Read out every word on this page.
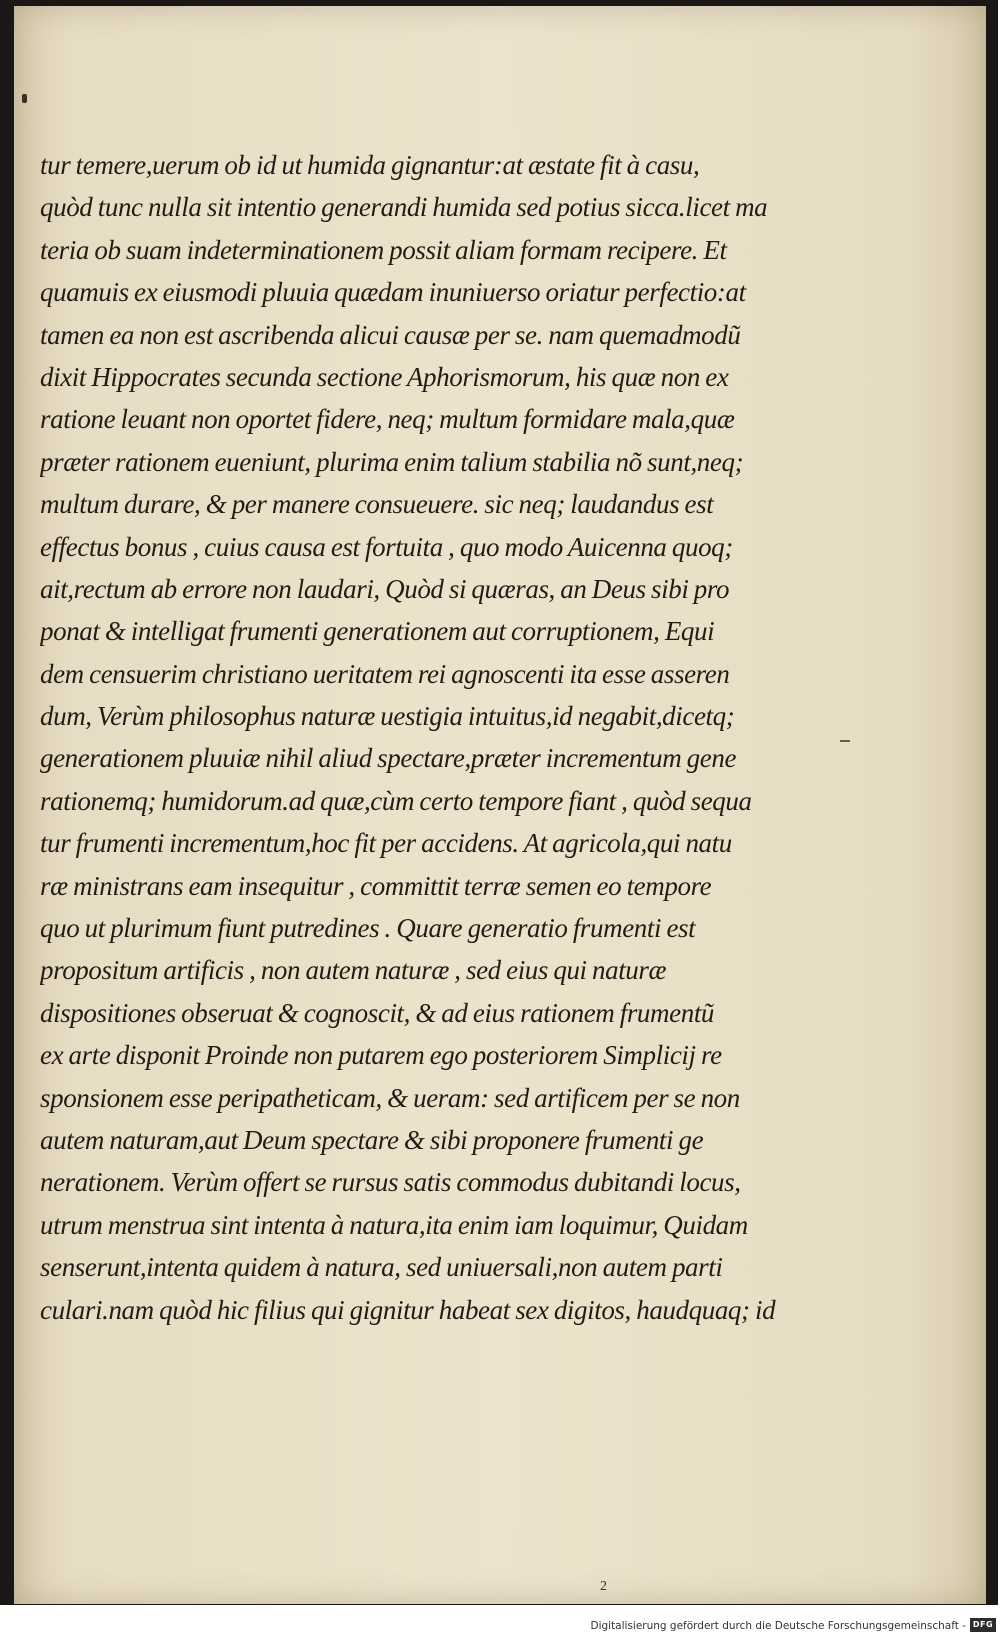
tur temere,uerum ob id ut humida gignantur:at æstate fit à casu,
quòd tunc nulla sit intentio generandi humida sed potius sicca.licet ma
teria ob suam indeterminationem possit aliam formam recipere. Et
quamuis ex eiusmodi pluuia quædam inuniuerso oriatur perfectio:at
tamen ea non est ascribenda alicui causæ per se. nam quemadmodũ
dixit Hippocrates secunda sectione Aphorismorum, his quæ non ex
ratione leuant non oportet fidere, neq; multum formidare mala,quæ
præter rationem eueniunt, plurima enim talium stabilia nõ sunt,neq;
multum durare, & per manere consueuere. sic neq; laudandus est
effectus bonus , cuius causa est fortuita , quo modo Auicenna quoq;
ait,rectum ab errore non laudari, Quòd si quæras, an Deus sibi pro
ponat & intelligat frumenti generationem aut corruptionem, Equi
dem censuerim christiano ueritatem rei agnoscenti ita esse asseren
dum, Verùm philosophus naturæ uestigia intuitus,id negabit,dicetq;
generationem pluuiæ nihil aliud spectare,præter incrementum gene
rationemq; humidorum.ad quæ,cùm certo tempore fiant , quòd sequa
tur frumenti incrementum,hoc fit per accidens. At agricola,qui natu
ræ ministrans eam insequitur , committit terræ semen eo tempore
quo ut plurimum fiunt putredines . Quare generatio frumenti est
propositum artificis , non autem naturæ , sed eius qui naturæ
dispositiones obseruat & cognoscit, & ad eius rationem frumentũ
ex arte disponit Proinde non putarem ego posteriorem Simplicij re
sponsionem esse peripatheticam, & ueram: sed artificem per se non
autem naturam,aut Deum spectare & sibi proponere frumenti ge
nerationem. Verùm offert se rursus satis commodus dubitandi locus,
utrum menstrua sint intenta à natura,ita enim iam loquimur, Quidam
senserunt,intenta quidem à natura, sed uniuersali,non autem parti
culari.nam quòd hic filius qui gignitur habeat sex digitos, haudquaq; id
2
Digitalisierung gefördert durch die Deutsche Forschungsgemeinschaft - DFG
